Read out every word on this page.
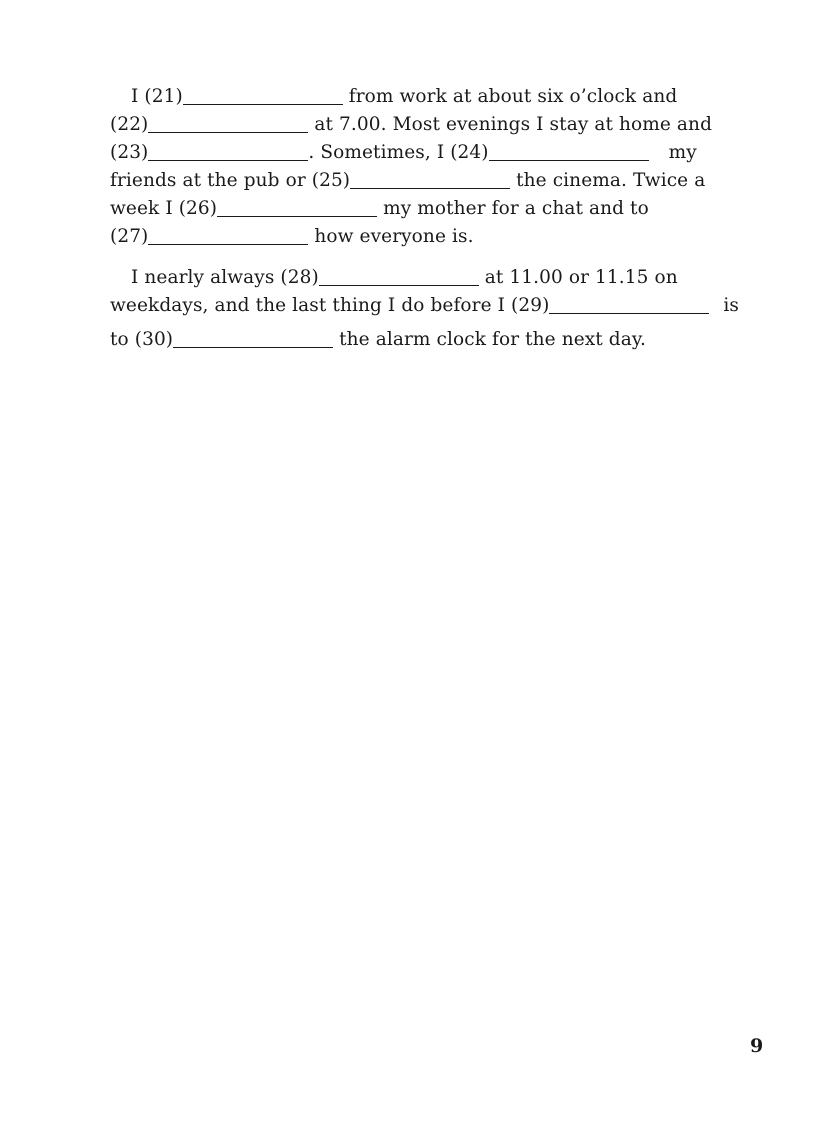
I (21)	from work at about six o’clock and
(22)	at 7.00. Most evenings I stay at home and
(23)	. Sometimes, I (24)	my
friends at the pub or (25)	the cinema. Twice a
week I (26)	my mother for a chat and to
(27)	how everyone is.
I nearly always (28)	at 11.00 or 11.15 on
weekdays, and the last thing I do before I (29)	is
to (30)	the alarm clock for the next day.
9
